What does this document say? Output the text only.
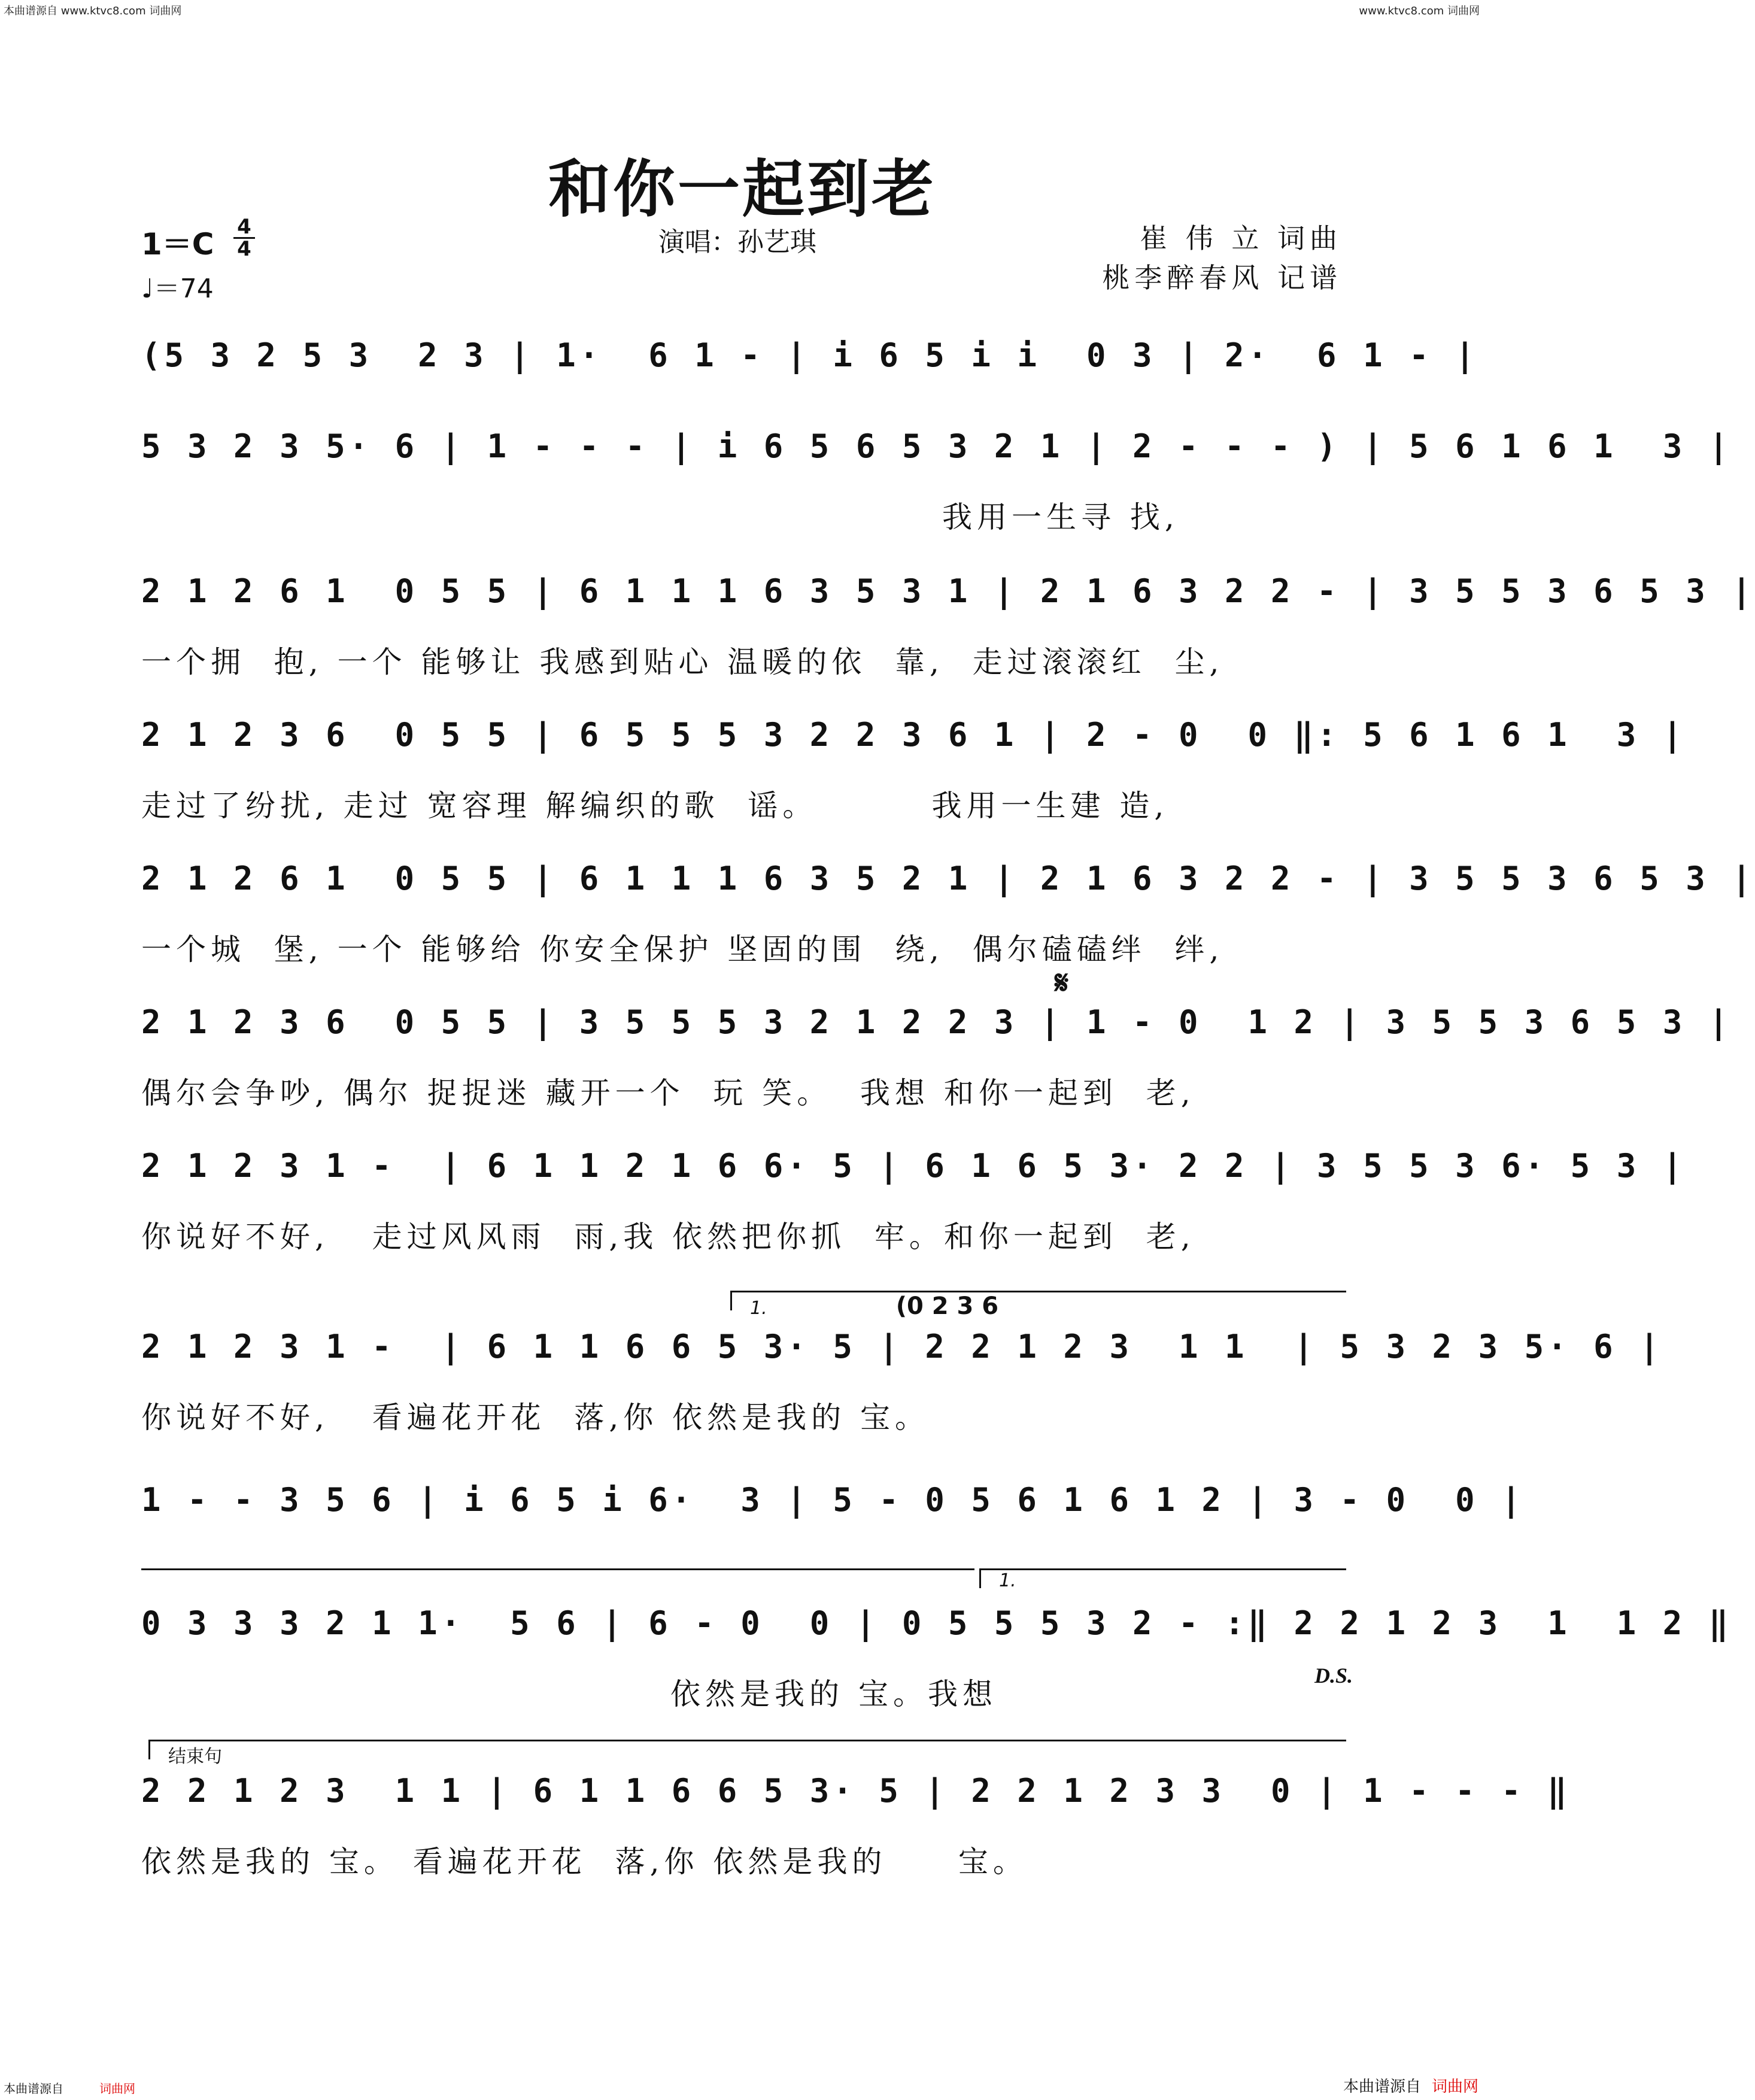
本曲谱源自 www.ktvc8.com 词曲网	www.ktvc8.com 词曲网
和你一起到老
1＝C 4
4
♩＝74
演唱：孙艺琪	崔 伟 立 词曲
桃李醉春风 记谱
(5 3 2 5 3  2 3 | 1·  6 1 - | i 6 5 i i  0 3 | 2·  6 1 - |
5 3 2 3 5· 6 | 1 - - - | i 6 5 6 5 3 2 1 | 2 - - - ) | 5 6 1 6 1  3 |
我用一生寻 找,
2 1 2 6 1  0 5 5 | 6 1 1 1 6 3 5 3 1 | 2 1 6 3 2 2 - | 3 5 5 3 6 5 3 |
一个拥  抱, 一个 能够让 我感到贴心 温暖的依  靠,  走过滚滚红  尘,
2 1 2 3 6  0 5 5 | 6 5 5 5 3 2 2 3 6 1 | 2 - 0  0 ‖: 5 6 1 6 1  3 |
走过了纷扰, 走过 宽容理 解编织的歌  谣。        我用一生建 造,
2 1 2 6 1  0 5 5 | 6 1 1 1 6 3 5 2 1 | 2 1 6 3 2 2 - | 3 5 5 3 6 5 3 |
一个城  堡, 一个 能够给 你安全保护 坚固的围  绕,  偶尔磕磕绊  绊,
𝄋
2 1 2 3 6  0 5 5 | 3 5 5 5 3 2 1 2 2 3 | 1 - 0  1 2 | 3 5 5 3 6 5 3 |
偶尔会争吵, 偶尔 捉捉迷 藏开一个  玩 笑。  我想 和你一起到  老,
2 1 2 3 1 -  | 6 1 1 2 1 6 6· 5 | 6 1 6 5 3· 2 2 | 3 5 5 3 6· 5 3 |
你说好不好,   走过风风雨  雨,我 依然把你抓  牢。和你一起到  老,
1.	(0 2 3 6
2 1 2 3 1 -  | 6 1 1 6 6 5 3· 5 | 2 2 1 2 3  1 1  | 5 3 2 3 5· 6 |
你说好不好,   看遍花开花  落,你 依然是我的 宝。
1 - - 3 5 6 | i 6 5 i 6·  3 | 5 - 0 5 6 1 6 1 2 | 3 - 0  0 |
1.
0 3 3 3 2 1 1·  5 6 | 6 - 0  0 | 0 5 5 5 3 2 - :‖ 2 2 1 2 3  1  1 2 ‖
依然是我的 宝。我想
D.S.
结束句
2 2 1 2 3  1 1 | 6 1 1 6 6 5 3· 5 | 2 2 1 2 3 3  0 | 1 - - - ‖
依然是我的 宝。 看遍花开花  落,你 依然是我的     宝。
本曲谱源自	词曲网	本曲谱源自 词曲网
